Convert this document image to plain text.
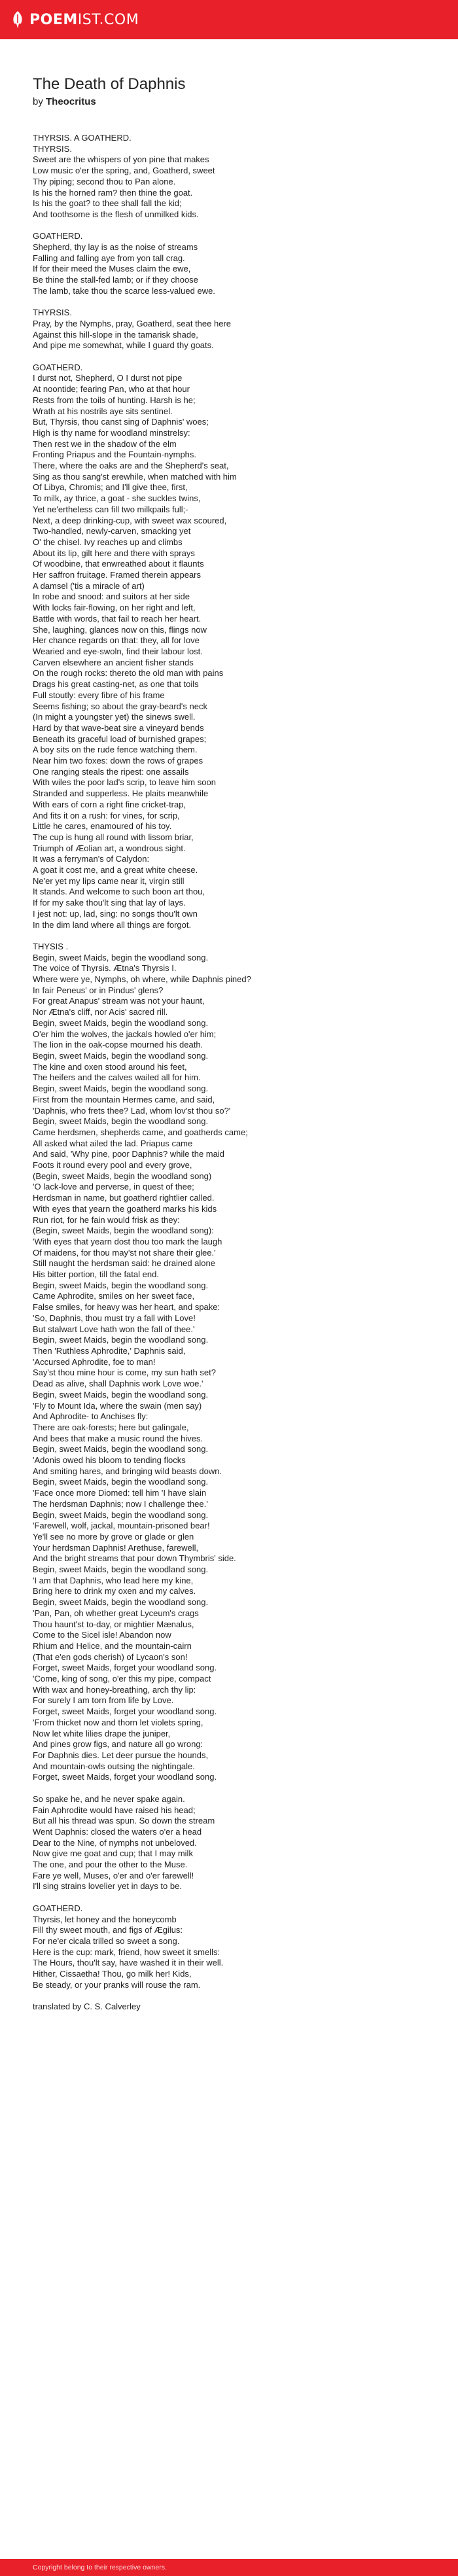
POEMIST.COM
The Death of Daphnis
by Theocritus
THYRSIS. A GOATHERD.
THYRSIS.
Sweet are the whispers of yon pine that makes
Low music o'er the spring, and, Goatherd, sweet
Thy piping; second thou to Pan alone.
Is his the horned ram? then thine the goat.
Is his the goat? to thee shall fall the kid;
And toothsome is the flesh of unmilked kids.
GOATHERD.
Shepherd, thy lay is as the noise of streams
Falling and falling aye from yon tall crag.
If for their meed the Muses claim the ewe,
Be thine the stall-fed lamb; or if they choose
The lamb, take thou the scarce less-valued ewe.
THYRSIS.
Pray, by the Nymphs, pray, Goatherd, seat thee here
Against this hill-slope in the tamarisk shade,
And pipe me somewhat, while I guard thy goats.
GOATHERD.
I durst not, Shepherd, O I durst not pipe
At noontide; fearing Pan, who at that hour
Rests from the toils of hunting. Harsh is he;
Wrath at his nostrils aye sits sentinel.
But, Thyrsis, thou canst sing of Daphnis' woes;
High is thy name for woodland minstrelsy:
Then rest we in the shadow of the elm
Fronting Priapus and the Fountain-nymphs.
There, where the oaks are and the Shepherd's seat,
Sing as thou sang'st erewhile, when matched with him
Of Libya, Chromis; and I'll give thee, first,
To milk, ay thrice, a goat - she suckles twins,
Yet ne'ertheless can fill two milkpails full;-
Next, a deep drinking-cup, with sweet wax scoured,
Two-handled, newly-carven, smacking yet
O' the chisel. Ivy reaches up and climbs
About its lip, gilt here and there with sprays
Of woodbine, that enwreathed about it flaunts
Her saffron fruitage. Framed therein appears
A damsel ('tis a miracle of art)
In robe and snood: and suitors at her side
With locks fair-flowing, on her right and left,
Battle with words, that fail to reach her heart.
She, laughing, glances now on this, flings now
Her chance regards on that: they, all for love
Wearied and eye-swoln, find their labour lost.
Carven elsewhere an ancient fisher stands
On the rough rocks: thereto the old man with pains
Drags his great casting-net, as one that toils
Full stoutly: every fibre of his frame
Seems fishing; so about the gray-beard's neck
(In might a youngster yet) the sinews swell.
Hard by that wave-beat sire a vineyard bends
Beneath its graceful load of burnished grapes;
A boy sits on the rude fence watching them.
Near him two foxes: down the rows of grapes
One ranging steals the ripest: one assails
With wiles the poor lad's scrip, to leave him soon
Stranded and supperless. He plaits meanwhile
With ears of corn a right fine cricket-trap,
And fits it on a rush: for vines, for scrip,
Little he cares, enamoured of his toy.
The cup is hung all round with lissom briar,
Triumph of Æolian art, a wondrous sight.
It was a ferryman's of Calydon:
A goat it cost me, and a great white cheese.
Ne'er yet my lips came near it, virgin still
It stands. And welcome to such boon art thou,
If for my sake thou'lt sing that lay of lays.
I jest not: up, lad, sing: no songs thou'lt own
In the dim land where all things are forgot.
THYSIS .
Begin, sweet Maids, begin the woodland song.
The voice of Thyrsis. Ætna's Thyrsis I.
Where were ye, Nymphs, oh where, while Daphnis pined?
In fair Peneus' or in Pindus' glens?
For great Anapus' stream was not your haunt,
Nor Ætna's cliff, nor Acis' sacred rill.
Begin, sweet Maids, begin the woodland song.
O'er him the wolves, the jackals howled o'er him;
The lion in the oak-copse mourned his death.
Begin, sweet Maids, begin the woodland song.
The kine and oxen stood around his feet,
The heifers and the calves wailed all for him.
Begin, sweet Maids, begin the woodland song.
First from the mountain Hermes came, and said,
'Daphnis, who frets thee? Lad, whom lov'st thou so?'
Begin, sweet Maids, begin the woodland song.
Came herdsmen, shepherds came, and goatherds came;
All asked what ailed the lad. Priapus came
And said, 'Why pine, poor Daphnis? while the maid
Foots it round every pool and every grove,
(Begin, sweet Maids, begin the woodland song)
'O lack-love and perverse, in quest of thee;
Herdsman in name, but goatherd rightlier called.
With eyes that yearn the goatherd marks his kids
Run riot, for he fain would frisk as they:
(Begin, sweet Maids, begin the woodland song):
'With eyes that yearn dost thou too mark the laugh
Of maidens, for thou may'st not share their glee.'
Still naught the herdsman said: he drained alone
His bitter portion, till the fatal end.
Begin, sweet Maids, begin the woodland song.
Came Aphrodite, smiles on her sweet face,
False smiles, for heavy was her heart, and spake:
'So, Daphnis, thou must try a fall with Love!
But stalwart Love hath won the fall of thee.'
Begin, sweet Maids, begin the woodland song.
Then 'Ruthless Aphrodite,' Daphnis said,
'Accursed Aphrodite, foe to man!
Say'st thou mine hour is come, my sun hath set?
Dead as alive, shall Daphnis work Love woe.'
Begin, sweet Maids, begin the woodland song.
'Fly to Mount Ida, where the swain (men say)
And Aphrodite- to Anchises fly:
There are oak-forests; here but galingale,
And bees that make a music round the hives.
Begin, sweet Maids, begin the woodland song.
'Adonis owed his bloom to tending flocks
And smiting hares, and bringing wild beasts down.
Begin, sweet Maids, begin the woodland song.
'Face once more Diomed: tell him 'I have slain
The herdsman Daphnis; now I challenge thee.'
Begin, sweet Maids, begin the woodland song.
'Farewell, wolf, jackal, mountain-prisoned bear!
Ye'll see no more by grove or glade or glen
Your herdsman Daphnis! Arethuse, farewell,
And the bright streams that pour down Thymbris' side.
Begin, sweet Maids, begin the woodland song.
'I am that Daphnis, who lead here my kine,
Bring here to drink my oxen and my calves.
Begin, sweet Maids, begin the woodland song.
'Pan, Pan, oh whether great Lyceum's crags
Thou haunt'st to-day, or mightier Mænalus,
Come to the Sicel isle! Abandon now
Rhium and Helice, and the mountain-cairn
(That e'en gods cherish) of Lycaon's son!
Forget, sweet Maids, forget your woodland song.
'Come, king of song, o'er this my pipe, compact
With wax and honey-breathing, arch thy lip:
For surely I am torn from life by Love.
Forget, sweet Maids, forget your woodland song.
'From thicket now and thorn let violets spring,
Now let white lilies drape the juniper,
And pines grow figs, and nature all go wrong:
For Daphnis dies. Let deer pursue the hounds,
And mountain-owls outsing the nightingale.
Forget, sweet Maids, forget your woodland song.
So spake he, and he never spake again.
Fain Aphrodite would have raised his head;
But all his thread was spun. So down the stream
Went Daphnis: closed the waters o'er a head
Dear to the Nine, of nymphs not unbeloved.
Now give me goat and cup; that I may milk
The one, and pour the other to the Muse.
Fare ye well, Muses, o'er and o'er farewell!
I'll sing strains lovelier yet in days to be.
GOATHERD.
Thyrsis, let honey and the honeycomb
Fill thy sweet mouth, and figs of Ægilus:
For ne'er cicala trilled so sweet a song.
Here is the cup: mark, friend, how sweet it smells:
The Hours, thou'lt say, have washed it in their well.
Hither, Cissaetha! Thou, go milk her! Kids,
Be steady, or your pranks will rouse the ram.
translated by C. S. Calverley
Copyright belong to their respective owners.
